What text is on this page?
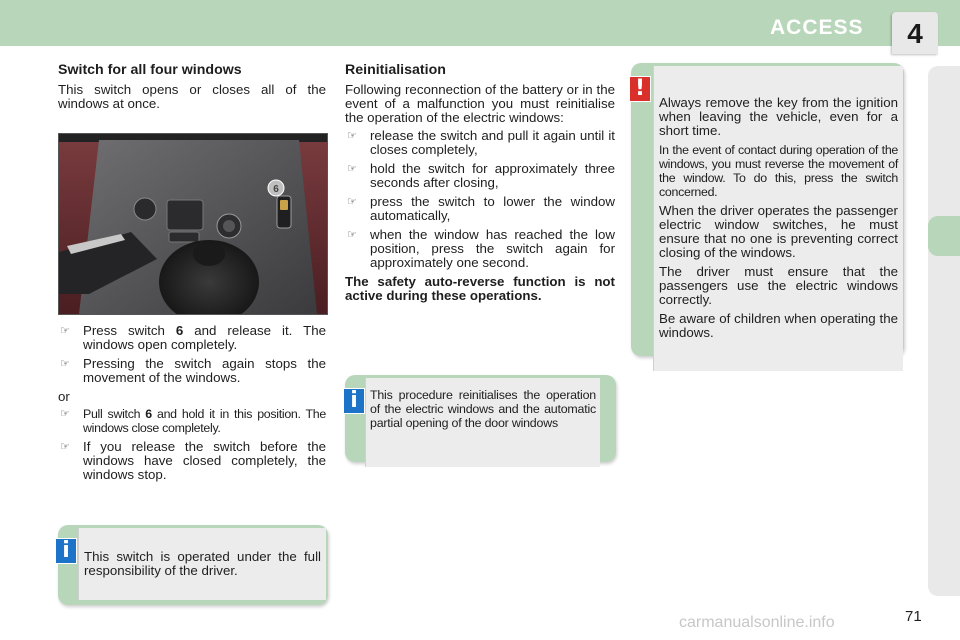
ACCESS	4
Switch for all four windows

This switch opens or closes all of the windows at once.

6
☞ Press switch 6 and release it. The windows open completely.
☞ Pressing the switch again stops the movement of the windows.

or

☞ Pull switch 6 and hold it in this position. The windows close completely.
☞ If you release the switch before the windows have closed completely, the windows stop.
Reinitialisation

Following reconnection of the battery or in the event of a malfunction you must reinitialise the operation of the electric windows:

☞ release the switch and pull it again until it closes completely,
☞ hold the switch for approximately three seconds after closing,
☞ press the switch to lower the window automatically,
☞ when the window has reached the low position, press the switch again for approximately one second.

The safety auto-reverse function is not active during these operations.

This procedure reinitialises the operation of the electric windows and the automatic partial opening of the door windows
i
This switch is operated under the full responsibility of the driver.
i

Always remove the key from the ignition when leaving the vehicle, even for a short time.

In the event of contact during operation of the windows, you must reverse the movement of the window. To do this, press the switch concerned.

When the driver operates the passenger electric window switches, he must ensure that no one is preventing correct closing of the windows.

The driver must ensure that the passengers use the electric windows correctly.

Be aware of children when operating the windows.

!
carmanualsonline.info	71
